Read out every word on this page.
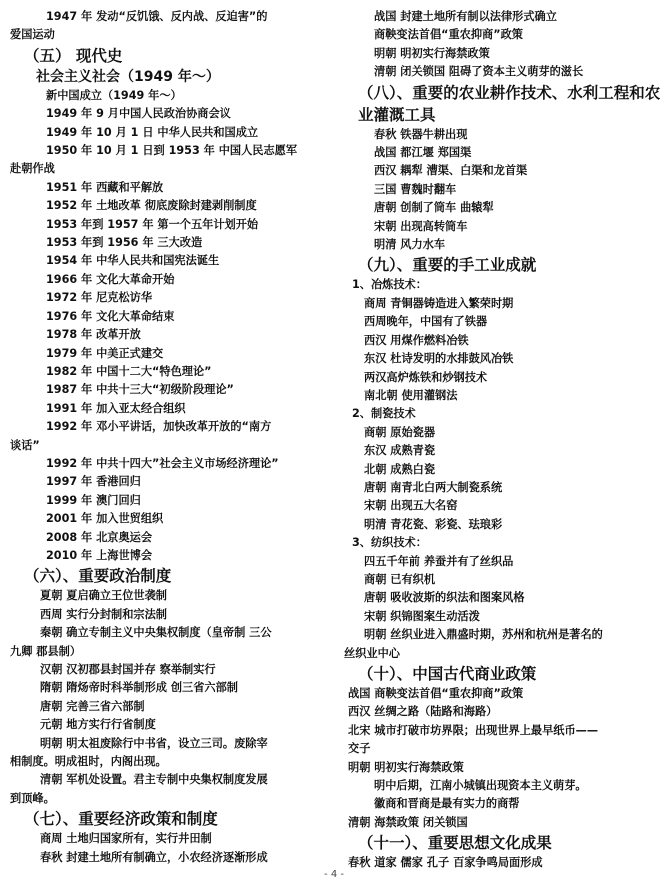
1947 年 发动“反饥饿、反内战、反迫害”的
爱国运动
（五） 现代史
社会主义社会（1949 年～）
新中国成立（1949 年～）
1949 年 9 月中国人民政治协商会议
1949 年 10 月 1 日 中华人民共和国成立
1950 年 10 月 1 日到 1953 年 中国人民志愿军
赴朝作战
1951 年 西藏和平解放
1952 年 土地改革 彻底废除封建剥削制度
1953 年到 1957 年 第一个五年计划开始
1953 年到 1956 年 三大改造
1954 年 中华人民共和国宪法诞生
1966 年 文化大革命开始
1972 年 尼克松访华
1976 年 文化大革命结束
1978 年 改革开放
1979 年 中美正式建交
1982 年 中国十二大“特色理论”
1987 年 中共十三大“初级阶段理论”
1991 年 加入亚太经合组织
1992 年 邓小平讲话，加快改革开放的“南方
谈话”
1992 年 中共十四大”社会主义市场经济理论”
1997 年 香港回归
1999 年 澳门回归
2001 年 加入世贸组织
2008 年 北京奥运会
2010 年 上海世博会
（六）、重要政治制度
夏朝 夏启确立王位世袭制
西周 实行分封制和宗法制
秦朝 确立专制主义中央集权制度（皇帝制 三公
九卿 郡县制）
汉朝 汉初郡县封国并存 察举制实行
隋朝 隋炀帝时科举制形成 创三省六部制
唐朝 完善三省六部制
元朝 地方实行行省制度
明朝 明太祖废除行中书省，设立三司。废除宰
相制度。明成祖时，内阁出现。
清朝 军机处设置。君主专制中央集权制度发展
到顶峰。
（七）、重要经济政策和制度
商周 土地归国家所有，实行井田制
春秋 封建土地所有制确立，小农经济逐渐形成
战国 封建土地所有制以法律形式确立
商鞅变法首倡“重农抑商”政策
明朝 明初实行海禁政策
清朝 闭关锁国 阻碍了资本主义萌芽的滋长
（八）、重要的农业耕作技术、水利工程和农业灌溉工具
春秋 铁器牛耕出现
战国 都江堰 郑国渠
西汉 耦犁 漕渠、白渠和龙首渠
三国 曹魏时翻车
唐朝 创制了筒车 曲辕犁
宋朝 出现高转筒车
明清 风力水车
（九）、重要的手工业成就
1、冶炼技术：
商周 青铜器铸造进入繁荣时期
西周晚年，中国有了铁器
西汉 用煤作燃料冶铁
东汉 杜诗发明的水排鼓风冶铁
两汉高炉炼铁和炒钢技术
南北朝 使用灌钢法
2、制瓷技术
商朝 原始瓷器
东汉 成熟青瓷
北朝 成熟白瓷
唐朝 南青北白两大制瓷系统
宋朝 出现五大名窑
明清 青花瓷、彩瓷、珐琅彩
3、纺织技术：
四五千年前 养蚕并有了丝织品
商朝 已有织机
唐朝 吸收波斯的织法和图案风格
宋朝 织锦图案生动活泼
明朝 丝织业进入鼎盛时期，苏州和杭州是著名的
丝织业中心
（十）、中国古代商业政策
战国 商鞅变法首倡“重农抑商”政策
西汉 丝绸之路（陆路和海路）
北宋 城市打破市坊界限；出现世界上最早纸币——
交子
明朝 明初实行海禁政策
明中后期，江南小城镇出现资本主义萌芽。
徽商和晋商是最有实力的商帮
清朝 海禁政策 闭关锁国
（十一）、重要思想文化成果
春秋 道家 儒家 孔子 百家争鸣局面形成
- 4 -
